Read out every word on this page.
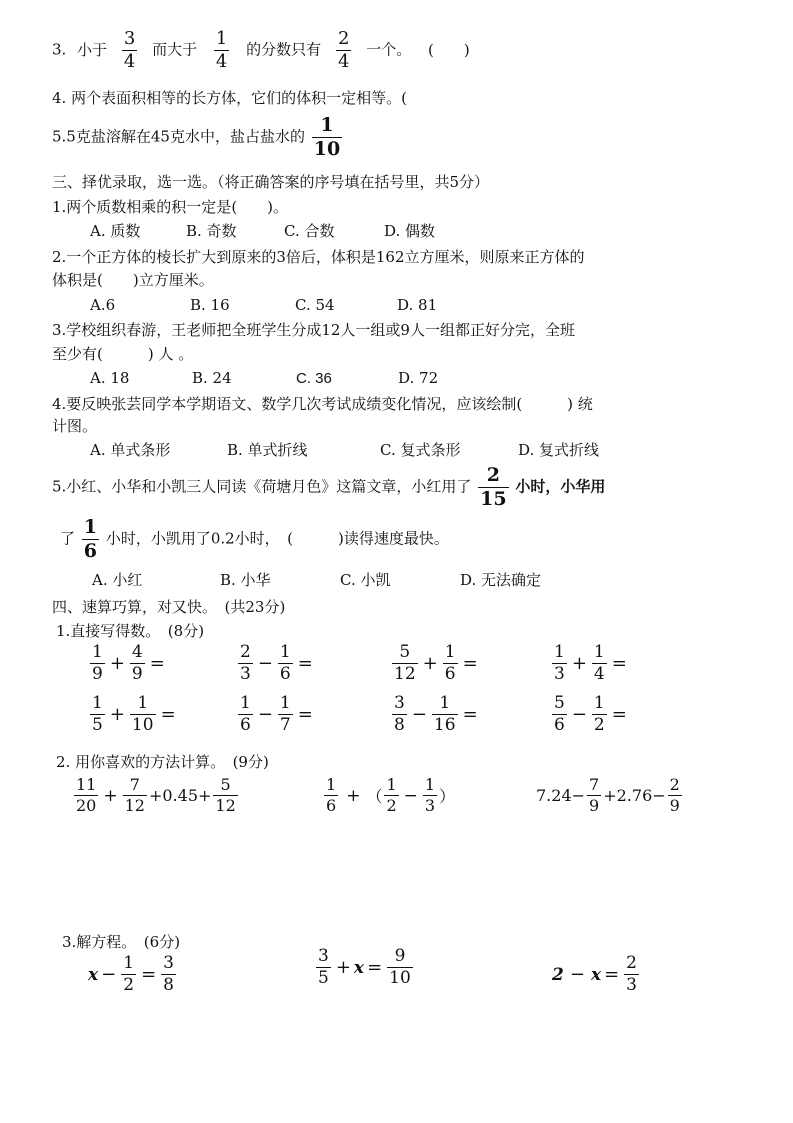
3. 小于 $\frac{3}{4}$ 而大于 $\frac{1}{4}$ 的分数只有 $\frac{2}{4}$ 一个。 (　　)
4. 两个表面积相等的长方体，它们的体积一定相等。(
5.5克盐溶解在45克水中，盐占盐水的 $\frac{1}{10}$
三、择优录取，选一选。（将正确答案的序号填在括号里，共5分）
1.两个质数相乘的积一定是(　　)。
A. 质数	B. 奇数	C. 合数	D. 偶数
2.一个正方体的棱长扩大到原来的3倍后，体积是162立方厘米，则原来正方体的
体积是(　　)立方厘米。
A.6	B. 16	C. 54	D. 81
3.学校组织春游，王老师把全班学生分成12人一组或9人一组都正好分完，全班
至少有(　　　) 人 。
A. 18	B. 24	C. 36	D. 72
4.要反映张芸同学本学期语文、数学几次考试成绩变化情况，应该绘制(　　　) 统
计图。
A. 单式条形	B. 单式折线	C. 复式条形	D. 复式折线
5.小红、小华和小凯三人同读《荷塘月色》这篇文章，小红用了 $\frac{2}{15}$ 小时，小华用
了 $\frac{1}{6}$ 小时，小凯用了0.2小时，　(　　　)读得速度最快。
A. 小红	B. 小华	C. 小凯	D. 无法确定
四、速算巧算，对又快。　(共23分)
1.直接写得数。　(8分)
$\frac{1}{9} + \frac{4}{9}$ =	$\frac{2}{3} - \frac{1}{6}$ =	$\frac{5}{12} + \frac{1}{6}$ =	$\frac{1}{3} + \frac{1}{4}$ =
$\frac{1}{5} + \frac{1}{10}$ =	$\frac{1}{6} - \frac{1}{7}$ =	$\frac{3}{8} - \frac{1}{16}$ =	$\frac{5}{6} - \frac{1}{2}$ =
2. 用你喜欢的方法计算。　(9分)
$\frac{11}{20} + \frac{7}{12} +0.45+ \frac{5}{12}$	$\frac{1}{6}$ + （ $\frac{1}{2} - \frac{1}{3}$ ）	$7.24- \frac{7}{9} +2.76- \frac{2}{9}$
3.解方程。　(6分)
$x - \frac{1}{2} = \frac{3}{8}$	$\frac{3}{5} + x = \frac{9}{10}$	$2 - x = \frac{2}{3}$
